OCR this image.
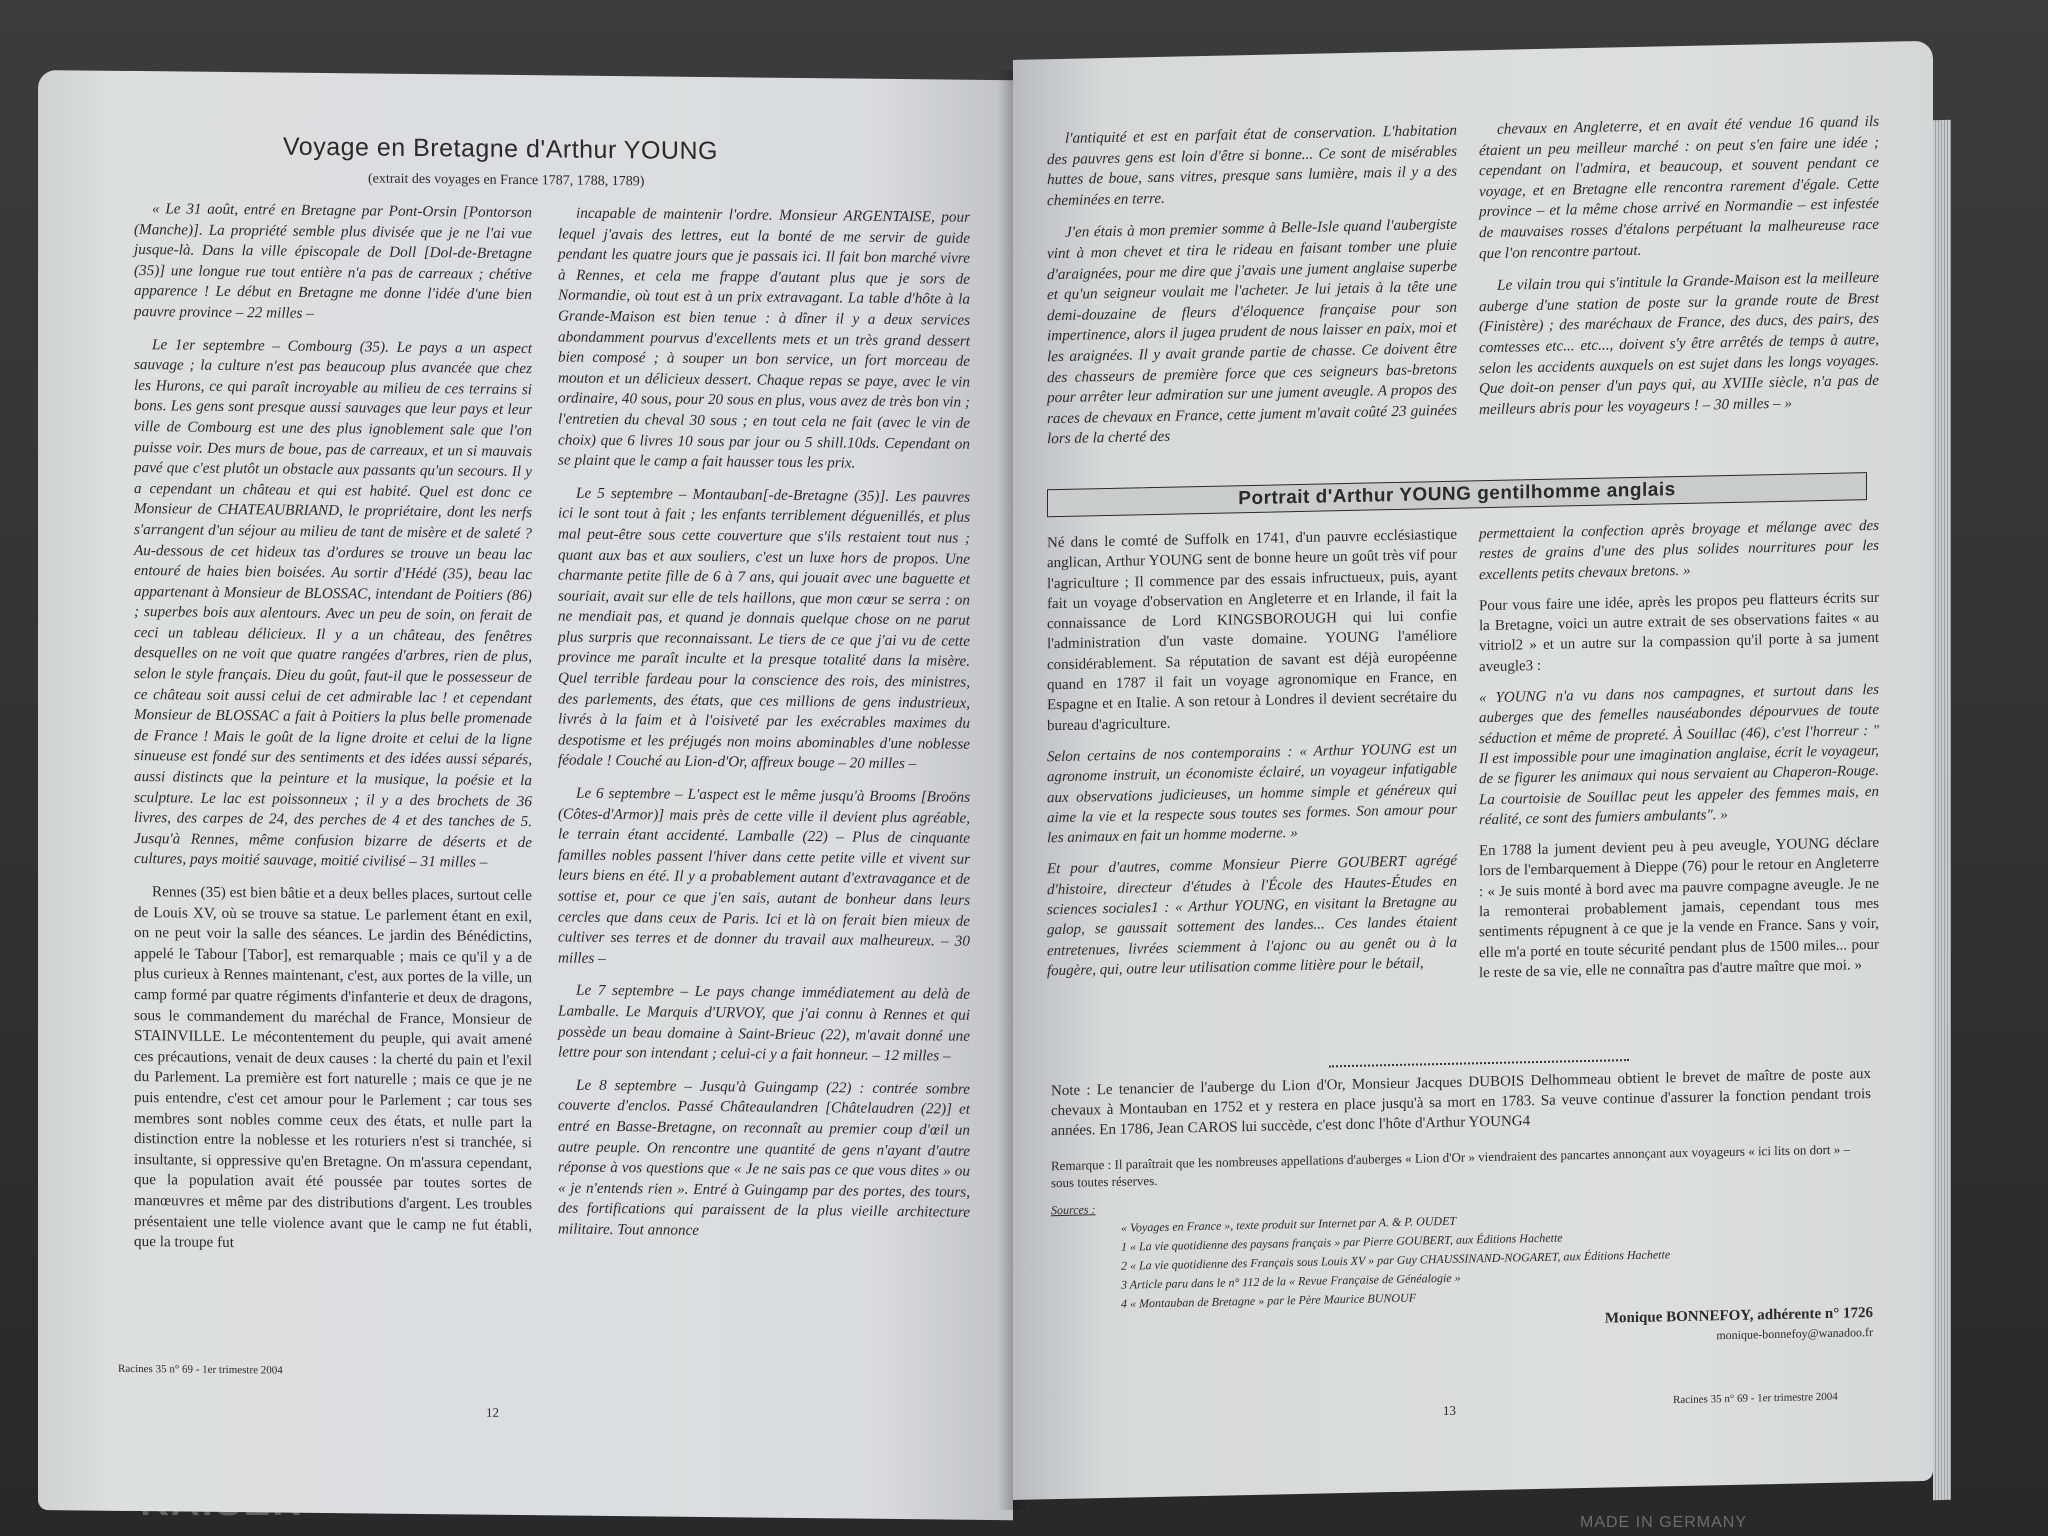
MADE IN GERMANY
Voyage en Bretagne d'Arthur YOUNG
(extrait des voyages en France 1787, 1788, 1789)

« Le 31 août, entré en Bretagne par Pont-Orsin [Pontorson (Manche)]. La propriété semble plus divisée que je ne l'ai vue jusque-là. Dans la ville épiscopale de Doll [Dol-de-Bretagne (35)] une longue rue tout entière n'a pas de carreaux ; chétive apparence ! Le début en Bretagne me donne l'idée d'une bien pauvre province – 22 milles –

Le 1er septembre – Combourg (35). Le pays a un aspect sauvage ; la culture n'est pas beaucoup plus avancée que chez les Hurons, ce qui paraît incroyable au milieu de ces terrains si bons. Les gens sont presque aussi sauvages que leur pays et leur ville de Combourg est une des plus ignoblement sale que l'on puisse voir. Des murs de boue, pas de carreaux, et un si mauvais pavé que c'est plutôt un obstacle aux passants qu'un secours. Il y a cependant un château et qui est habité. Quel est donc ce Monsieur de CHATEAUBRIAND, le propriétaire, dont les nerfs s'arrangent d'un séjour au milieu de tant de misère et de saleté ? Au-dessous de cet hideux tas d'ordures se trouve un beau lac entouré de haies bien boisées. Au sortir d'Hédé (35), beau lac appartenant à Monsieur de BLOSSAC, intendant de Poitiers (86) ; superbes bois aux alentours. Avec un peu de soin, on ferait de ceci un tableau délicieux. Il y a un château, des fenêtres desquelles on ne voit que quatre rangées d'arbres, rien de plus, selon le style français. Dieu du goût, faut-il que le possesseur de ce château soit aussi celui de cet admirable lac ! et cependant Monsieur de BLOSSAC a fait à Poitiers la plus belle promenade de France ! Mais le goût de la ligne droite et celui de la ligne sinueuse est fondé sur des sentiments et des idées aussi séparés, aussi distincts que la peinture et la musique, la poésie et la sculpture. Le lac est poissonneux ; il y a des brochets de 36 livres, des carpes de 24, des perches de 4 et des tanches de 5. Jusqu'à Rennes, même confusion bizarre de déserts et de cultures, pays moitié sauvage, moitié civilisé – 31 milles –

Rennes (35) est bien bâtie et a deux belles places, surtout celle de Louis XV, où se trouve sa statue. Le parlement étant en exil, on ne peut voir la salle des séances. Le jardin des Bénédictins, appelé le Tabour [Tabor], est remarquable ; mais ce qu'il y a de plus curieux à Rennes maintenant, c'est, aux portes de la ville, un camp formé par quatre régiments d'infanterie et deux de dragons, sous le commandement du maréchal de France, Monsieur de STAINVILLE. Le mécontentement du peuple, qui avait amené ces précautions, venait de deux causes : la cherté du pain et l'exil du Parlement. La première est fort naturelle ; mais ce que je ne puis entendre, c'est cet amour pour le Parlement ; car tous ses membres sont nobles comme ceux des états, et nulle part la distinction entre la noblesse et les roturiers n'est si tranchée, si insultante, si oppressive qu'en Bretagne. On m'assura cependant, que la population avait été poussée par toutes sortes de manœuvres et même par des distributions d'argent. Les troubles présentaient une telle violence avant que le camp ne fut établi, que la troupe fut

incapable de maintenir l'ordre. Monsieur ARGENTAISE, pour lequel j'avais des lettres, eut la bonté de me servir de guide pendant les quatre jours que je passais ici. Il fait bon marché vivre à Rennes, et cela me frappe d'autant plus que je sors de Normandie, où tout est à un prix extravagant. La table d'hôte à la Grande-Maison est bien tenue : à dîner il y a deux services abondamment pourvus d'excellents mets et un très grand dessert bien composé ; à souper un bon service, un fort morceau de mouton et un délicieux dessert. Chaque repas se paye, avec le vin ordinaire, 40 sous, pour 20 sous en plus, vous avez de très bon vin ; l'entretien du cheval 30 sous ; en tout cela ne fait (avec le vin de choix) que 6 livres 10 sous par jour ou 5 shill.10ds. Cependant on se plaint que le camp a fait hausser tous les prix.

Le 5 septembre – Montauban[-de-Bretagne (35)]. Les pauvres ici le sont tout à fait ; les enfants terriblement déguenillés, et plus mal peut-être sous cette couverture que s'ils restaient tout nus ; quant aux bas et aux souliers, c'est un luxe hors de propos. Une charmante petite fille de 6 à 7 ans, qui jouait avec une baguette et souriait, avait sur elle de tels haillons, que mon cœur se serra : on ne mendiait pas, et quand je donnais quelque chose on ne parut plus surpris que reconnaissant. Le tiers de ce que j'ai vu de cette province me paraît inculte et la presque totalité dans la misère. Quel terrible fardeau pour la conscience des rois, des ministres, des parlements, des états, que ces millions de gens industrieux, livrés à la faim et à l'oisiveté par les exécrables maximes du despotisme et les préjugés non moins abominables d'une noblesse féodale ! Couché au Lion-d'Or, affreux bouge – 20 milles –

Le 6 septembre – L'aspect est le même jusqu'à Brooms [Broöns (Côtes-d'Armor)] mais près de cette ville il devient plus agréable, le terrain étant accidenté. Lamballe (22) – Plus de cinquante familles nobles passent l'hiver dans cette petite ville et vivent sur leurs biens en été. Il y a probablement autant d'extravagance et de sottise et, pour ce que j'en sais, autant de bonheur dans leurs cercles que dans ceux de Paris. Ici et là on ferait bien mieux de cultiver ses terres et de donner du travail aux malheureux. – 30 milles –

Le 7 septembre – Le pays change immédiatement au delà de Lamballe. Le Marquis d'URVOY, que j'ai connu à Rennes et qui possède un beau domaine à Saint-Brieuc (22), m'avait donné une lettre pour son intendant ; celui-ci y a fait honneur. – 12 milles –

Le 8 septembre – Jusqu'à Guingamp (22) : contrée sombre couverte d'enclos. Passé Châteaulandren [Châtelaudren (22)] et entré en Basse-Bretagne, on reconnaît au premier coup d'œil un autre peuple. On rencontre une quantité de gens n'ayant d'autre réponse à vos questions que « Je ne sais pas ce que vous dites » ou « je n'entends rien ». Entré à Guingamp par des portes, des tours, des fortifications qui paraissent de la plus vieille architecture militaire. Tout annonce

Racines 35 n° 69 - 1er trimestre 2004
12

l'antiquité et est en parfait état de conservation. L'habitation des pauvres gens est loin d'être si bonne... Ce sont de misérables huttes de boue, sans vitres, presque sans lumière, mais il y a des cheminées en terre.

J'en étais à mon premier somme à Belle-Isle quand l'aubergiste vint à mon chevet et tira le rideau en faisant tomber une pluie d'araignées, pour me dire que j'avais une jument anglaise superbe et qu'un seigneur voulait me l'acheter. Je lui jetais à la tête une demi-douzaine de fleurs d'éloquence française pour son impertinence, alors il jugea prudent de nous laisser en paix, moi et les araignées. Il y avait grande partie de chasse. Ce doivent être des chasseurs de première force que ces seigneurs bas-bretons pour arrêter leur admiration sur une jument aveugle. A propos des races de chevaux en France, cette jument m'avait coûté 23 guinées lors de la cherté des

chevaux en Angleterre, et en avait été vendue 16 quand ils étaient un peu meilleur marché : on peut s'en faire une idée ; cependant on l'admira, et beaucoup, et souvent pendant ce voyage, et en Bretagne elle rencontra rarement d'égale. Cette province – et la même chose arrivé en Normandie – est infestée de mauvaises rosses d'étalons perpétuant la malheureuse race que l'on rencontre partout.

Le vilain trou qui s'intitule la Grande-Maison est la meilleure auberge d'une station de poste sur la grande route de Brest (Finistère) ; des maréchaux de France, des ducs, des pairs, des comtesses etc... etc..., doivent s'y être arrêtés de temps à autre, selon les accidents auxquels on est sujet dans les longs voyages. Que doit-on penser d'un pays qui, au XVIIIe siècle, n'a pas de meilleurs abris pour les voyageurs ! – 30 milles – »

Portrait d'Arthur YOUNG gentilhomme anglais

Né dans le comté de Suffolk en 1741, d'un pauvre ecclésiastique anglican, Arthur YOUNG sent de bonne heure un goût très vif pour l'agriculture ; Il commence par des essais infructueux, puis, ayant fait un voyage d'observation en Angleterre et en Irlande, il fait la connaissance de Lord KINGSBOROUGH qui lui confie l'administration d'un vaste domaine. YOUNG l'améliore considérablement. Sa réputation de savant est déjà européenne quand en 1787 il fait un voyage agronomique en France, en Espagne et en Italie. A son retour à Londres il devient secrétaire du bureau d'agriculture.

Selon certains de nos contemporains : « Arthur YOUNG est un agronome instruit, un économiste éclairé, un voyageur infatigable aux observations judicieuses, un homme simple et généreux qui aime la vie et la respecte sous toutes ses formes. Son amour pour les animaux en fait un homme moderne. »

Et pour d'autres, comme Monsieur Pierre GOUBERT agrégé d'histoire, directeur d'études à l'École des Hautes-Études en sciences sociales1 : « Arthur YOUNG, en visitant la Bretagne au galop, se gaussait sottement des landes... Ces landes étaient entretenues, livrées sciemment à l'ajonc ou au genêt ou à la fougère, qui, outre leur utilisation comme litière pour le bétail,

permettaient la confection après broyage et mélange avec des restes de grains d'une des plus solides nourritures pour les excellents petits chevaux bretons. »

Pour vous faire une idée, après les propos peu flatteurs écrits sur la Bretagne, voici un autre extrait de ses observations faites « au vitriol2 » et un autre sur la compassion qu'il porte à sa jument aveugle3 :

« YOUNG n'a vu dans nos campagnes, et surtout dans les auberges que des femelles nauséabondes dépourvues de toute séduction et même de propreté. À Souillac (46), c'est l'horreur : " Il est impossible pour une imagination anglaise, écrit le voyageur, de se figurer les animaux qui nous servaient au Chaperon-Rouge. La courtoisie de Souillac peut les appeler des femmes mais, en réalité, ce sont des fumiers ambulants". »

En 1788 la jument devient peu à peu aveugle, YOUNG déclare lors de l'embarquement à Dieppe (76) pour le retour en Angleterre : « Je suis monté à bord avec ma pauvre compagne aveugle. Je ne la remonterai probablement jamais, cependant tous mes sentiments répugnent à ce que je la vende en France. Sans y voir, elle m'a porté en toute sécurité pendant plus de 1500 miles... pour le reste de sa vie, elle ne connaîtra pas d'autre maître que moi. »

Note : Le tenancier de l'auberge du Lion d'Or, Monsieur Jacques DUBOIS Delhommeau obtient le brevet de maître de poste aux chevaux à Montauban en 1752 et y restera en place jusqu'à sa mort en 1783. Sa veuve continue d'assurer la fonction pendant trois années. En 1786, Jean CAROS lui succède, c'est donc l'hôte d'Arthur YOUNG4
Remarque : Il paraîtrait que les nombreuses appellations d'auberges « Lion d'Or » viendraient des pancartes annonçant aux voyageurs « ici lits on dort » – sous toutes réserves.
Sources :
« Voyages en France », texte produit sur Internet par A. & P. OUDET
1 « La vie quotidienne des paysans français » par Pierre GOUBERT, aux Éditions Hachette
2 « La vie quotidienne des Français sous Louis XV » par Guy CHAUSSINAND-NOGARET, aux Éditions Hachette
3 Article paru dans le n° 112 de la « Revue Française de Généalogie »
4 « Montauban de Bretagne » par le Père Maurice BUNOUF
Monique BONNEFOY, adhérente n° 1726
monique-bonnefoy@wanadoo.fr
13
Racines 35 n° 69 - 1er trimestre 2004
